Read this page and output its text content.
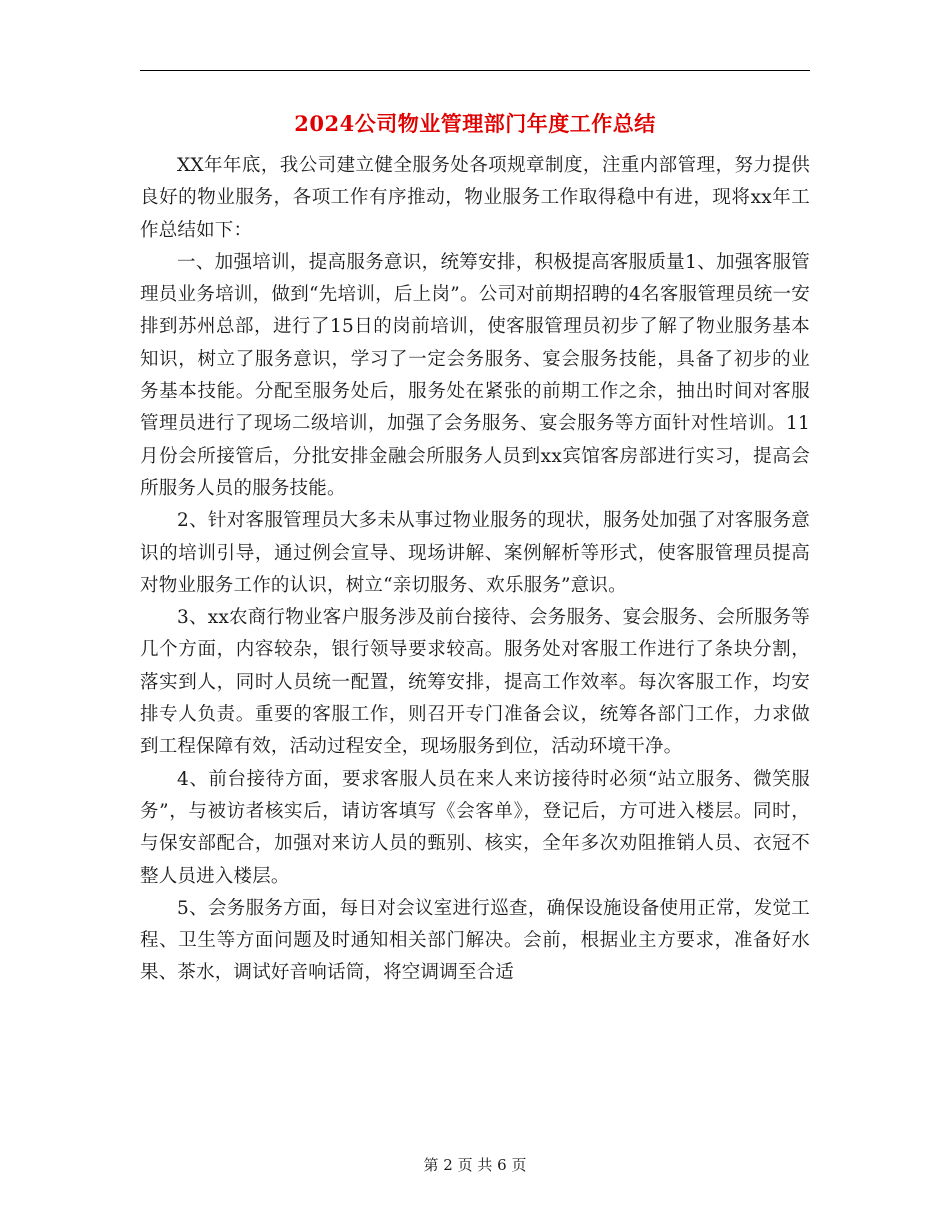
2024公司物业管理部门年度工作总结

XX年年底，我公司建立健全服务处各项规章制度，注重内部管理，努力提供良好的物业服务，各项工作有序推动，物业服务工作取得稳中有进，现将xx年工作总结如下：

一、加强培训，提高服务意识，统筹安排，积极提高客服质量1、加强客服管理员业务培训，做到“先培训，后上岗”。公司对前期招聘的4名客服管理员统一安排到苏州总部，进行了15日的岗前培训，使客服管理员初步了解了物业服务基本知识，树立了服务意识，学习了一定会务服务、宴会服务技能，具备了初步的业务基本技能。分配至服务处后，服务处在紧张的前期工作之余，抽出时间对客服管理员进行了现场二级培训，加强了会务服务、宴会服务等方面针对性培训。11月份会所接管后，分批安排金融会所服务人员到xx宾馆客房部进行实习，提高会所服务人员的服务技能。

2、针对客服管理员大多未从事过物业服务的现状，服务处加强了对客服务意识的培训引导，通过例会宣导、现场讲解、案例解析等形式，使客服管理员提高对物业服务工作的认识，树立“亲切服务、欢乐服务”意识。

3、xx农商行物业客户服务涉及前台接待、会务服务、宴会服务、会所服务等几个方面，内容较杂，银行领导要求较高。服务处对客服工作进行了条块分割，落实到人，同时人员统一配置，统筹安排，提高工作效率。每次客服工作，均安排专人负责。重要的客服工作，则召开专门准备会议，统筹各部门工作，力求做到工程保障有效，活动过程安全，现场服务到位，活动环境干净。

4、前台接待方面，要求客服人员在来人来访接待时必须“站立服务、微笑服务”，与被访者核实后，请访客填写《会客单》，登记后，方可进入楼层。同时，与保安部配合，加强对来访人员的甄别、核实，全年多次劝阻推销人员、衣冠不整人员进入楼层。

5、会务服务方面，每日对会议室进行巡查，确保设施设备使用正常，发觉工程、卫生等方面问题及时通知相关部门解决。会前，根据业主方要求，准备好水果、茶水，调试好音响话筒，将空调调至合适

第 2 页 共 6 页
